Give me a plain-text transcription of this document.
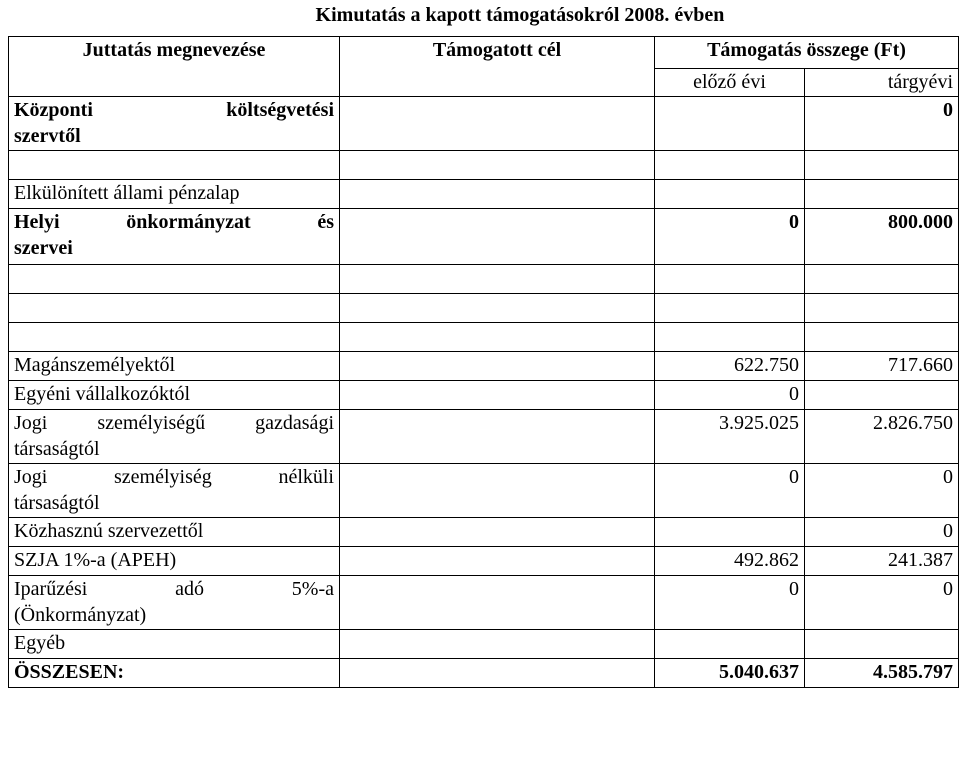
Kimutatás a kapott támogatásokról 2008. évben
Juttatás megnevezése	Támogatott cél	Támogatás összege (Ft)	
		előző évi	tárgyévi

Központi költségvetési
szervtől			0

Elkülönített állami pénzalap			

Helyi önkormányzat és
szervei		0	800.000

Magánszemélyektől		622.750	717.660
Egyéni vállalkozóktól		0	

Jogi személyiségű gazdasági
társaságtól		3.925.025	2.826.750

Jogi személyiség nélküli
társaságtól		0	0
Közhasznú szervezettől			0
SZJA 1%-a (APEH)		492.862	241.387

Iparűzési adó 5%-a
(Önkormányzat)		0	0
Egyéb			
ÖSSZESEN:		5.040.637	4.585.797
